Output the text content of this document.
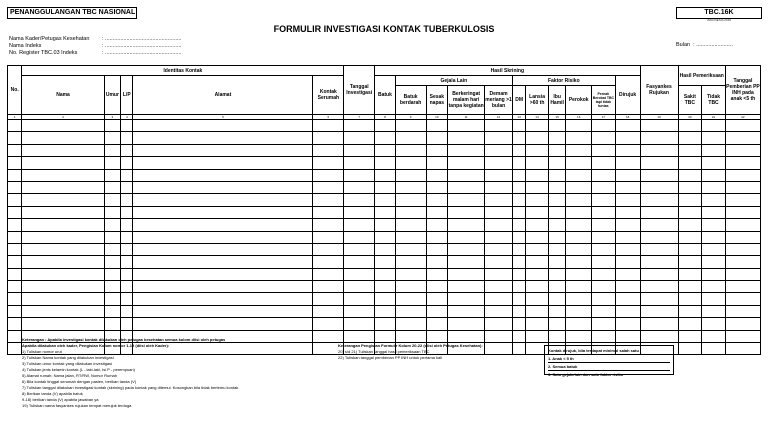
PENANGGULANGAN TBC NASIONAL	TBC.16K
INDONESIA 2018
FORMULIR INVESTIGASI KONTAK TUBERKULOSIS
Nama Kader/Petugas Kesehatan : ..................................................
Nama Indeks	: ..................................................
No. Register TBC.03 Indeks	: ..................................................
Bulan : ........................
No.	Identitas Kontak					Tanggal Investigasi	Hasil Skrining											Fasyankes Rujukan	Hasil Pemeriksaan		Tanggal Pemberian PP INH pada anak <5 th
	Nama	Umur	L/P	Alamat	Kontak Serumah		Batuk	Gejala Lain				Faktor Risiko					Dirujuk				
								Batuk berdarah	Sesak napas	Berkeringat malam hari tanpa kegiatan	Demam meriang >1 bulan	DM	Lansia >60 th	Ibu Hamil	Perokok	Pernah Berobat TBC tapi tidak tuntas			Sakit TBC	Tidak TBC	
1	2	3	4	5	6	7	8	9	10	11	12	13	14	15	16	17	18	19	20	21	22

Keterangan : Apabila investigasi kontak dilakukan oleh petugas kesehatan semua kolom diisi oleh petugas
Apabila dilakukan oleh kader, Pengisian Kolom nomor 1-19 (diisi oleh Kader):
1) Tuliskan nomor urut
2) Tuliskan Nama kontak yang dilakukan investigasi
3) Tuliskan umur kontak yang dilakukan investigasi
4) Tuliskan jenis kelamin kontak (L - laki-laki, Isi P - perempuan)
5) Alamat rumah: Nama jalan, RT/RW, Nomor Rumah
6) Bila kontak tinggal serumah dengan pasien, berikan tanda (V)
7) Tuliskan tanggal dilakukan investigasi kontak (skrining) pada kontak yang ditemui. Kosongkan bila tidak bertemu kontak
8) Berikan tanda (V) apabila batuk
9-18) berikan tanda (V) apabila jawaban ya
19) Tuliskan nama fasyankes rujukan tempat merujuk terduga
Keterangan Pengisian Formulir Kolom 20-22 (diisi oleh Petugas Kesehatan):
20) s/d 21) Tuliskan tanggal hasil pemeriksaan TBC
22) Tuliskan tanggal pemberian PP INH untuk pertama kali
Kontak dirujuk, bila terdapat minimal salah satu
1. Anak < 5 th
2. Semua batuk
3. Satu gejala lain dan satu faktor risiko
